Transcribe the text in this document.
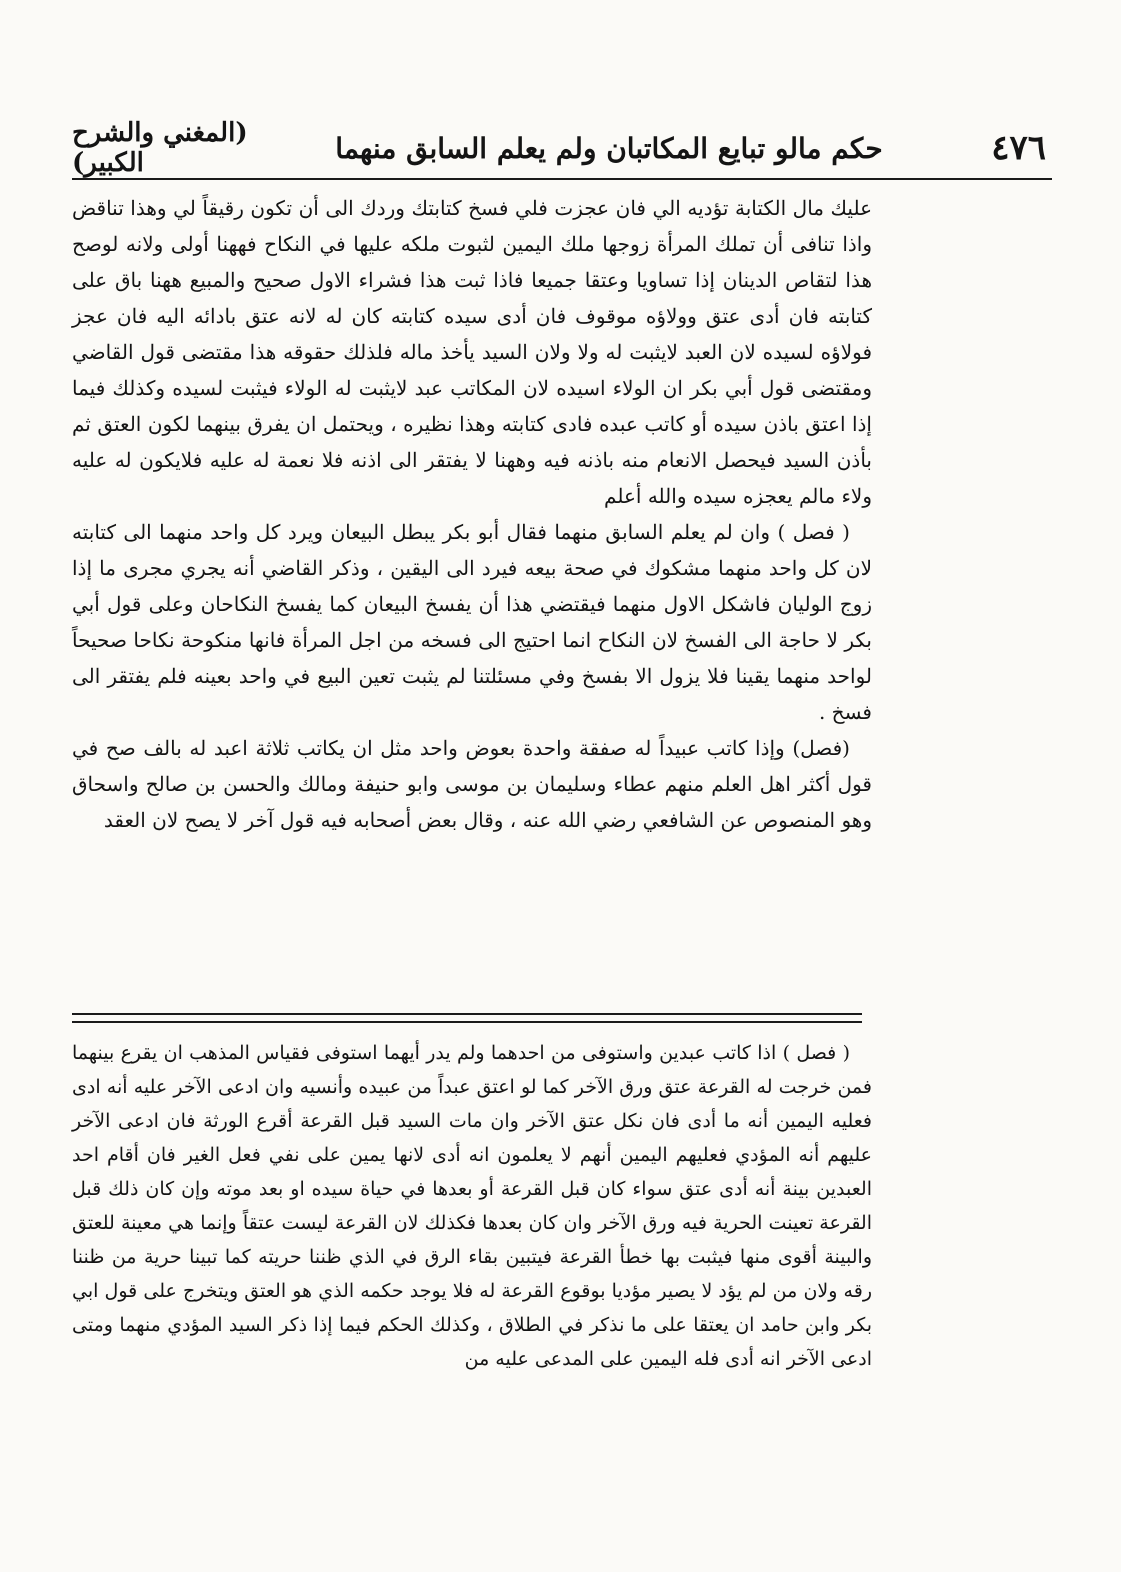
٤٧٦
حكم مالو تبايع المكاتبان ولم يعلم السابق منهما
(المغني والشرح الكبير)

عليك مال الكتابة تؤديه الي فان عجزت فلي فسخ كتابتك وردك الى أن تكون رقيقاً لي وهذا تناقض واذا تنافى أن تملك المرأة زوجها ملك اليمين لثبوت ملكه عليها في النكاح فههنا أولى ولانه لوصح هذا لتقاص الدينان إذا تساويا وعتقا جميعا فاذا ثبت هذا فشراء الاول صحيح والمبيع ههنا باق على كتابته فان أدى عتق وولاؤه موقوف فان أدى سيده كتابته كان له لانه عتق بادائه اليه فان عجز فولاؤه لسيده لان العبد لايثبت له ولا ولان السيد يأخذ ماله فلذلك حقوقه هذا مقتضى قول القاضي ومقتضى قول أبي بكر ان الولاء اسيده لان المكاتب عبد لايثبت له الولاء فيثبت لسيده وكذلك فيما إذا اعتق باذن سيده أو كاتب عبده فادى كتابته وهذا نظيره ، ويحتمل ان يفرق بينهما لكون العتق ثم بأذن السيد فيحصل الانعام منه باذنه فيه وههنا لا يفتقر الى اذنه فلا نعمة له عليه فلايكون له عليه ولاء مالم يعجزه سيده والله أعلم

( فصل ) وان لم يعلم السابق منهما فقال أبو بكر يبطل البيعان ويرد كل واحد منهما الى كتابته لان كل واحد منهما مشكوك في صحة بيعه فيرد الى اليقين ، وذكر القاضي أنه يجري مجرى ما إذا زوج الوليان فاشكل الاول منهما فيقتضي هذا أن يفسخ البيعان كما يفسخ النكاحان وعلى قول أبي بكر لا حاجة الى الفسخ لان النكاح انما احتيج الى فسخه من اجل المرأة فانها منكوحة نكاحا صحيحاً لواحد منهما يقينا فلا يزول الا بفسخ وفي مسئلتنا لم يثبت تعين البيع في واحد بعينه فلم يفتقر الى فسخ .

(فصل) وإذا كاتب عبيداً له صفقة واحدة بعوض واحد مثل ان يكاتب ثلاثة اعبد له بالف صح في قول أكثر اهل العلم منهم عطاء وسليمان بن موسى وابو حنيفة ومالك والحسن بن صالح واسحاق وهو المنصوص عن الشافعي رضي الله عنه ، وقال بعض أصحابه فيه قول آخر لا يصح لان العقد

( فصل ) اذا كاتب عبدين واستوفى من احدهما ولم يدر أيهما استوفى فقياس المذهب ان يقرع بينهما فمن خرجت له القرعة عتق ورق الآخر كما لو اعتق عبداً من عبيده وأنسيه وان ادعى الآخر عليه أنه ادى فعليه اليمين أنه ما أدى فان نكل عتق الآخر وان مات السيد قبل القرعة أقرع الورثة فان ادعى الآخر عليهم أنه المؤدي فعليهم اليمين أنهم لا يعلمون انه أدى لانها يمين على نفي فعل الغير فان أقام احد العبدين بينة أنه أدى عتق سواء كان قبل القرعة أو بعدها في حياة سيده او بعد موته وإن كان ذلك قبل القرعة تعينت الحرية فيه ورق الآخر وان كان بعدها فكذلك لان القرعة ليست عتقاً وإنما هي معينة للعتق والبينة أقوى منها فيثبت بها خطأ القرعة فيتبين بقاء الرق في الذي ظننا حريته كما تبينا حرية من ظننا رقه ولان من لم يؤد لا يصير مؤديا بوقوع القرعة له فلا يوجد حكمه الذي هو العتق ويتخرج على قول ابي بكر وابن حامد ان يعتقا على ما نذكر في الطلاق ، وكذلك الحكم فيما إذا ذكر السيد المؤدي منهما ومتى ادعى الآخر انه أدى فله اليمين على المدعى عليه من
